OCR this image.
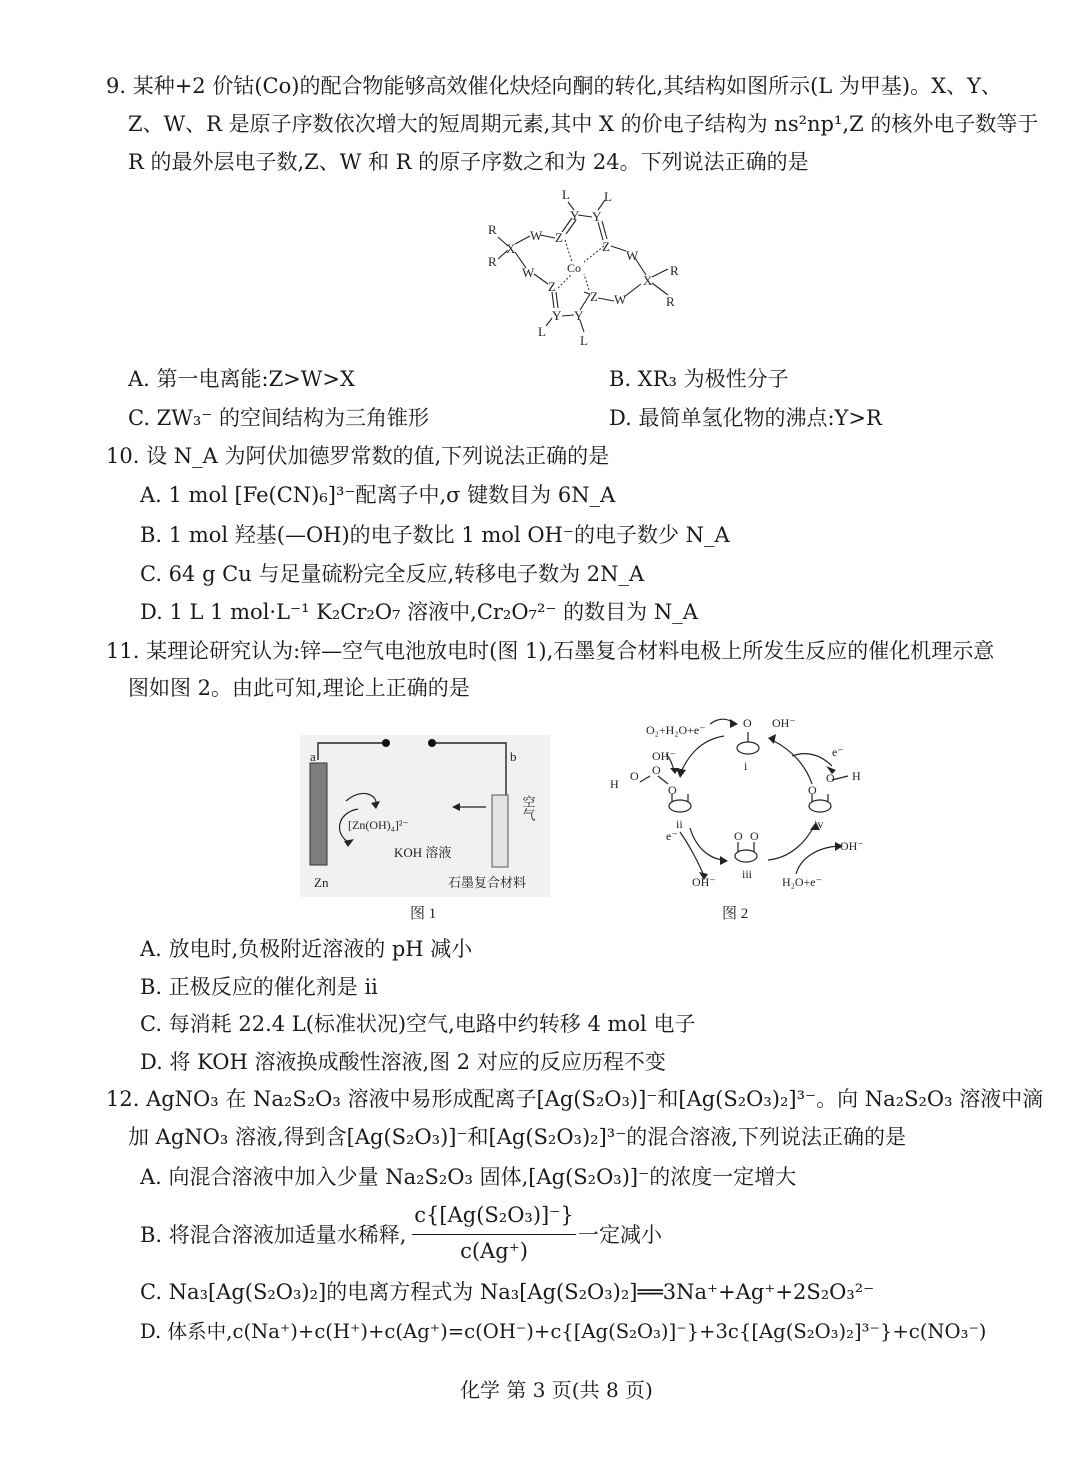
9. 某种+2 价钴(Co)的配合物能够高效催化炔烃向酮的转化,其结构如图所示(L 为甲基)。X、Y、
Z、W、R 是原子序数依次增大的短周期元素,其中 X 的价电子结构为 ns²np¹,Z 的核外电子数等于
R 的最外层电子数,Z、W 和 R 的原子序数之和为 24。下列说法正确的是
R
R
X
W
W
Z
Y Y
L	L
Z
W
X
R
R
Co
Z
Z W
Y Y
L
L
A. 第一电离能:Z>W>X	B. XR₃ 为极性分子
C. ZW₃⁻ 的空间结构为三角锥形	D. 最简单氢化物的沸点:Y>R
10. 设 N_A 为阿伏加德罗常数的值,下列说法正确的是
A. 1 mol [Fe(CN)₆]³⁻配离子中,σ 键数目为 6N_A
B. 1 mol 羟基(—OH)的电子数比 1 mol OH⁻的电子数少 N_A
C. 64 g Cu 与足量硫粉完全反应,转移电子数为 2N_A
D. 1 L 1 mol·L⁻¹ K₂Cr₂O₇ 溶液中,Cr₂O₇²⁻ 的数目为 N_A
11. 某理论研究认为:锌—空气电池放电时(图 1),石墨复合材料电极上所发生反应的催化机理示意
图如图 2。由此可知,理论上正确的是
a	b
[Zn(OH)₄]²⁻
KOH 溶液
Zn	石墨复合材料
空气
图 1
O₂+H₂O+e⁻	O OH⁻
e⁻
i
OH⁻
H
O O
O
ii
e⁻
OH⁻
O O
iii
H₂O+e⁻
OH⁻
O
O H
iv
图 2
A. 放电时,负极附近溶液的 pH 减小
B. 正极反应的催化剂是 ii
C. 每消耗 22.4 L(标准状况)空气,电路中约转移 4 mol 电子
D. 将 KOH 溶液换成酸性溶液,图 2 对应的反应历程不变
12. AgNO₃ 在 Na₂S₂O₃ 溶液中易形成配离子[Ag(S₂O₃)]⁻和[Ag(S₂O₃)₂]³⁻。向 Na₂S₂O₃ 溶液中滴
加 AgNO₃ 溶液,得到含[Ag(S₂O₃)]⁻和[Ag(S₂O₃)₂]³⁻的混合溶液,下列说法正确的是
A. 向混合溶液中加入少量 Na₂S₂O₃ 固体,[Ag(S₂O₃)]⁻的浓度一定增大
B. 将混合溶液加适量水稀释,
c{[Ag(S₂O₃)]⁻}
c(Ag⁺)
一定减小
C. Na₃[Ag(S₂O₃)₂]的电离方程式为 Na₃[Ag(S₂O₃)₂]══3Na⁺+Ag⁺+2S₂O₃²⁻
D. 体系中,c(Na⁺)+c(H⁺)+c(Ag⁺)=c(OH⁻)+c{[Ag(S₂O₃)]⁻}+3c{[Ag(S₂O₃)₂]³⁻}+c(NO₃⁻)
化学 第 3 页(共 8 页)
